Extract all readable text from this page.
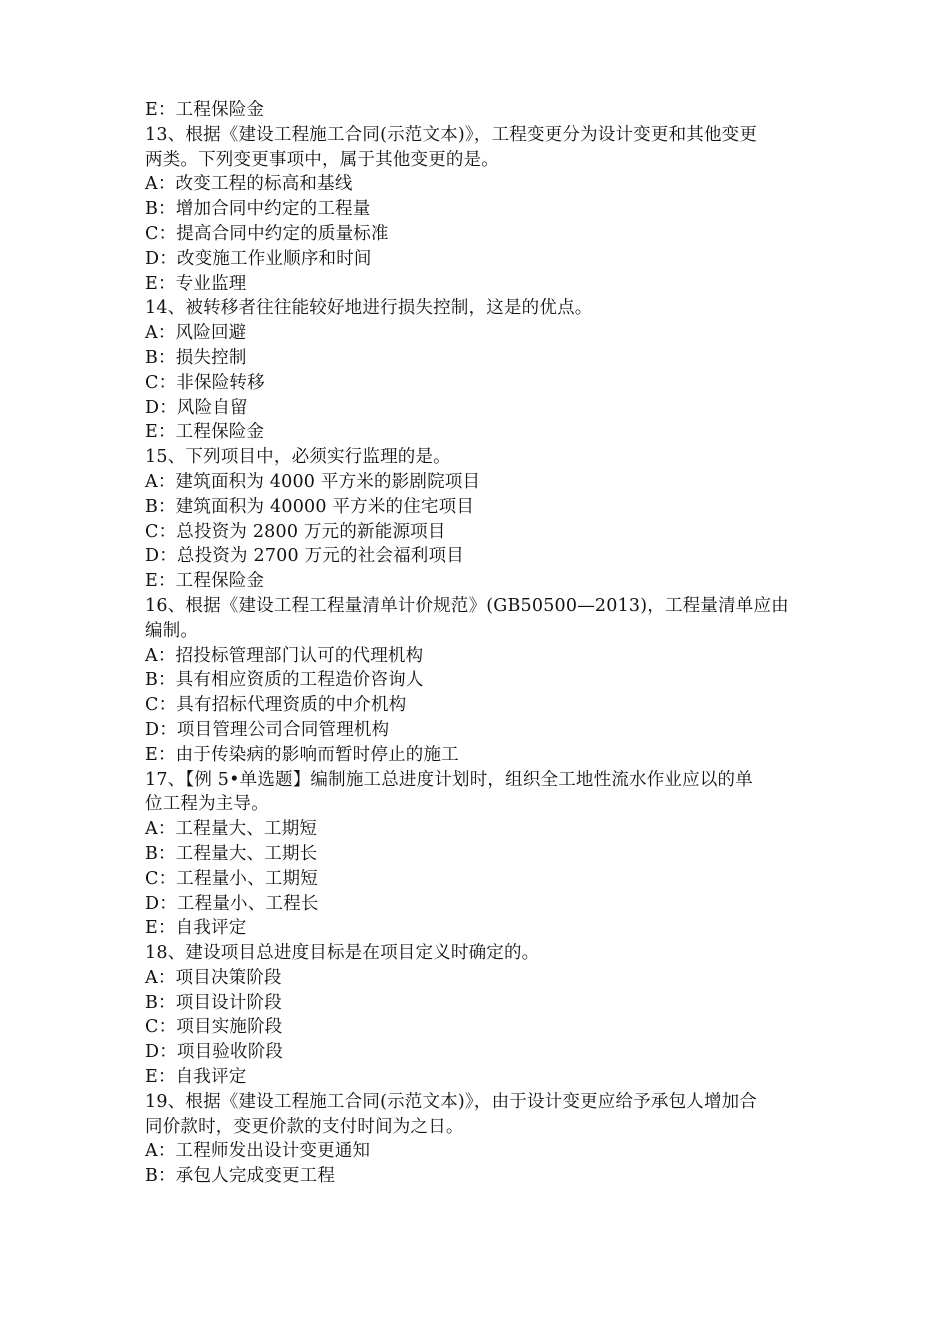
E：工程保险金
13、根据《建设工程施工合同(示范文本)》，工程变更分为设计变更和其他变更
两类。下列变更事项中，属于其他变更的是。
A：改变工程的标高和基线
B：增加合同中约定的工程量
C：提高合同中约定的质量标准
D：改变施工作业顺序和时间
E：专业监理
14、被转移者往往能较好地进行损失控制，这是的优点。
A：风险回避
B：损失控制
C：非保险转移
D：风险自留
E：工程保险金
15、下列项目中，必须实行监理的是。
A：建筑面积为 4000 平方米的影剧院项目
B：建筑面积为 40000 平方米的住宅项目
C：总投资为 2800 万元的新能源项目
D：总投资为 2700 万元的社会福利项目
E：工程保险金
16、根据《建设工程工程量清单计价规范》(GB50500—2013)，工程量清单应由
编制。
A：招投标管理部门认可的代理机构
B：具有相应资质的工程造价咨询人
C：具有招标代理资质的中介机构
D：项目管理公司合同管理机构
E：由于传染病的影响而暂时停止的施工
17、【例 5•单选题】编制施工总进度计划时，组织全工地性流水作业应以的单
位工程为主导。
A：工程量大、工期短
B：工程量大、工期长
C：工程量小、工期短
D：工程量小、工程长
E：自我评定
18、建设项目总进度目标是在项目定义时确定的。
A：项目决策阶段
B：项目设计阶段
C：项目实施阶段
D：项目验收阶段
E：自我评定
19、根据《建设工程施工合同(示范文本)》，由于设计变更应给予承包人增加合
同价款时，变更价款的支付时间为之日。
A：工程师发出设计变更通知
B：承包人完成变更工程
